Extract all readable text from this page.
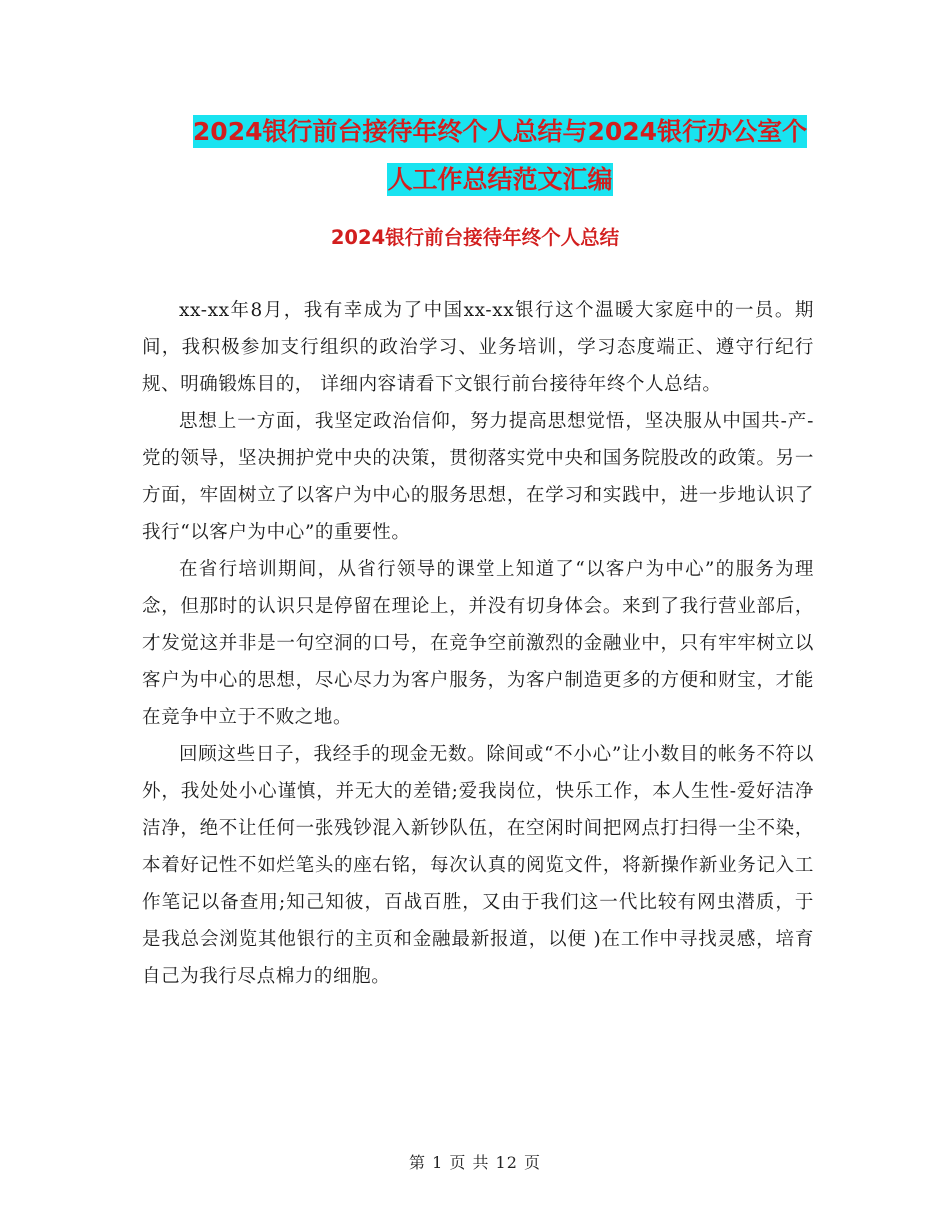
2024银行前台接待年终个人总结与2024银行办公室个
人工作总结范文汇编
2024银行前台接待年终个人总结

xx-xx年8月，我有幸成为了中国xx-xx银行这个温暖大家庭中的一员。期间，我积极参加支行组织的政治学习、业务培训，学习态度端正、遵守行纪行规、明确锻炼目的， 详细内容请看下文银行前台接待年终个人总结。

思想上一方面，我坚定政治信仰，努力提高思想觉悟，坚决服从中国共-产-党的领导，坚决拥护党中央的决策，贯彻落实党中央和国务院股改的政策。另一方面，牢固树立了以客户为中心的服务思想，在学习和实践中，进一步地认识了我行“以客户为中心”的重要性。

在省行培训期间，从省行领导的课堂上知道了“以客户为中心”的服务为理念，但那时的认识只是停留在理论上，并没有切身体会。来到了我行营业部后，才发觉这并非是一句空洞的口号，在竞争空前激烈的金融业中，只有牢牢树立以客户为中心的思想，尽心尽力为客户服务，为客户制造更多的方便和财宝，才能在竞争中立于不败之地。

回顾这些日子，我经手的现金无数。除间或“不小心”让小数目的帐务不符以外，我处处小心谨慎，并无大的差错;爱我岗位，快乐工作，本人生性-爱好洁净洁净，绝不让任何一张残钞混入新钞队伍，在空闲时间把网点打扫得一尘不染，本着好记性不如烂笔头的座右铭，每次认真的阅览文件，将新操作新业务记入工作笔记以备查用;知己知彼，百战百胜，又由于我们这一代比较有网虫潜质，于是我总会浏览其他银行的主页和金融最新报道，以便 )在工作中寻找灵感，培育自己为我行尽点棉力的细胞。

第 1 页 共 12 页
